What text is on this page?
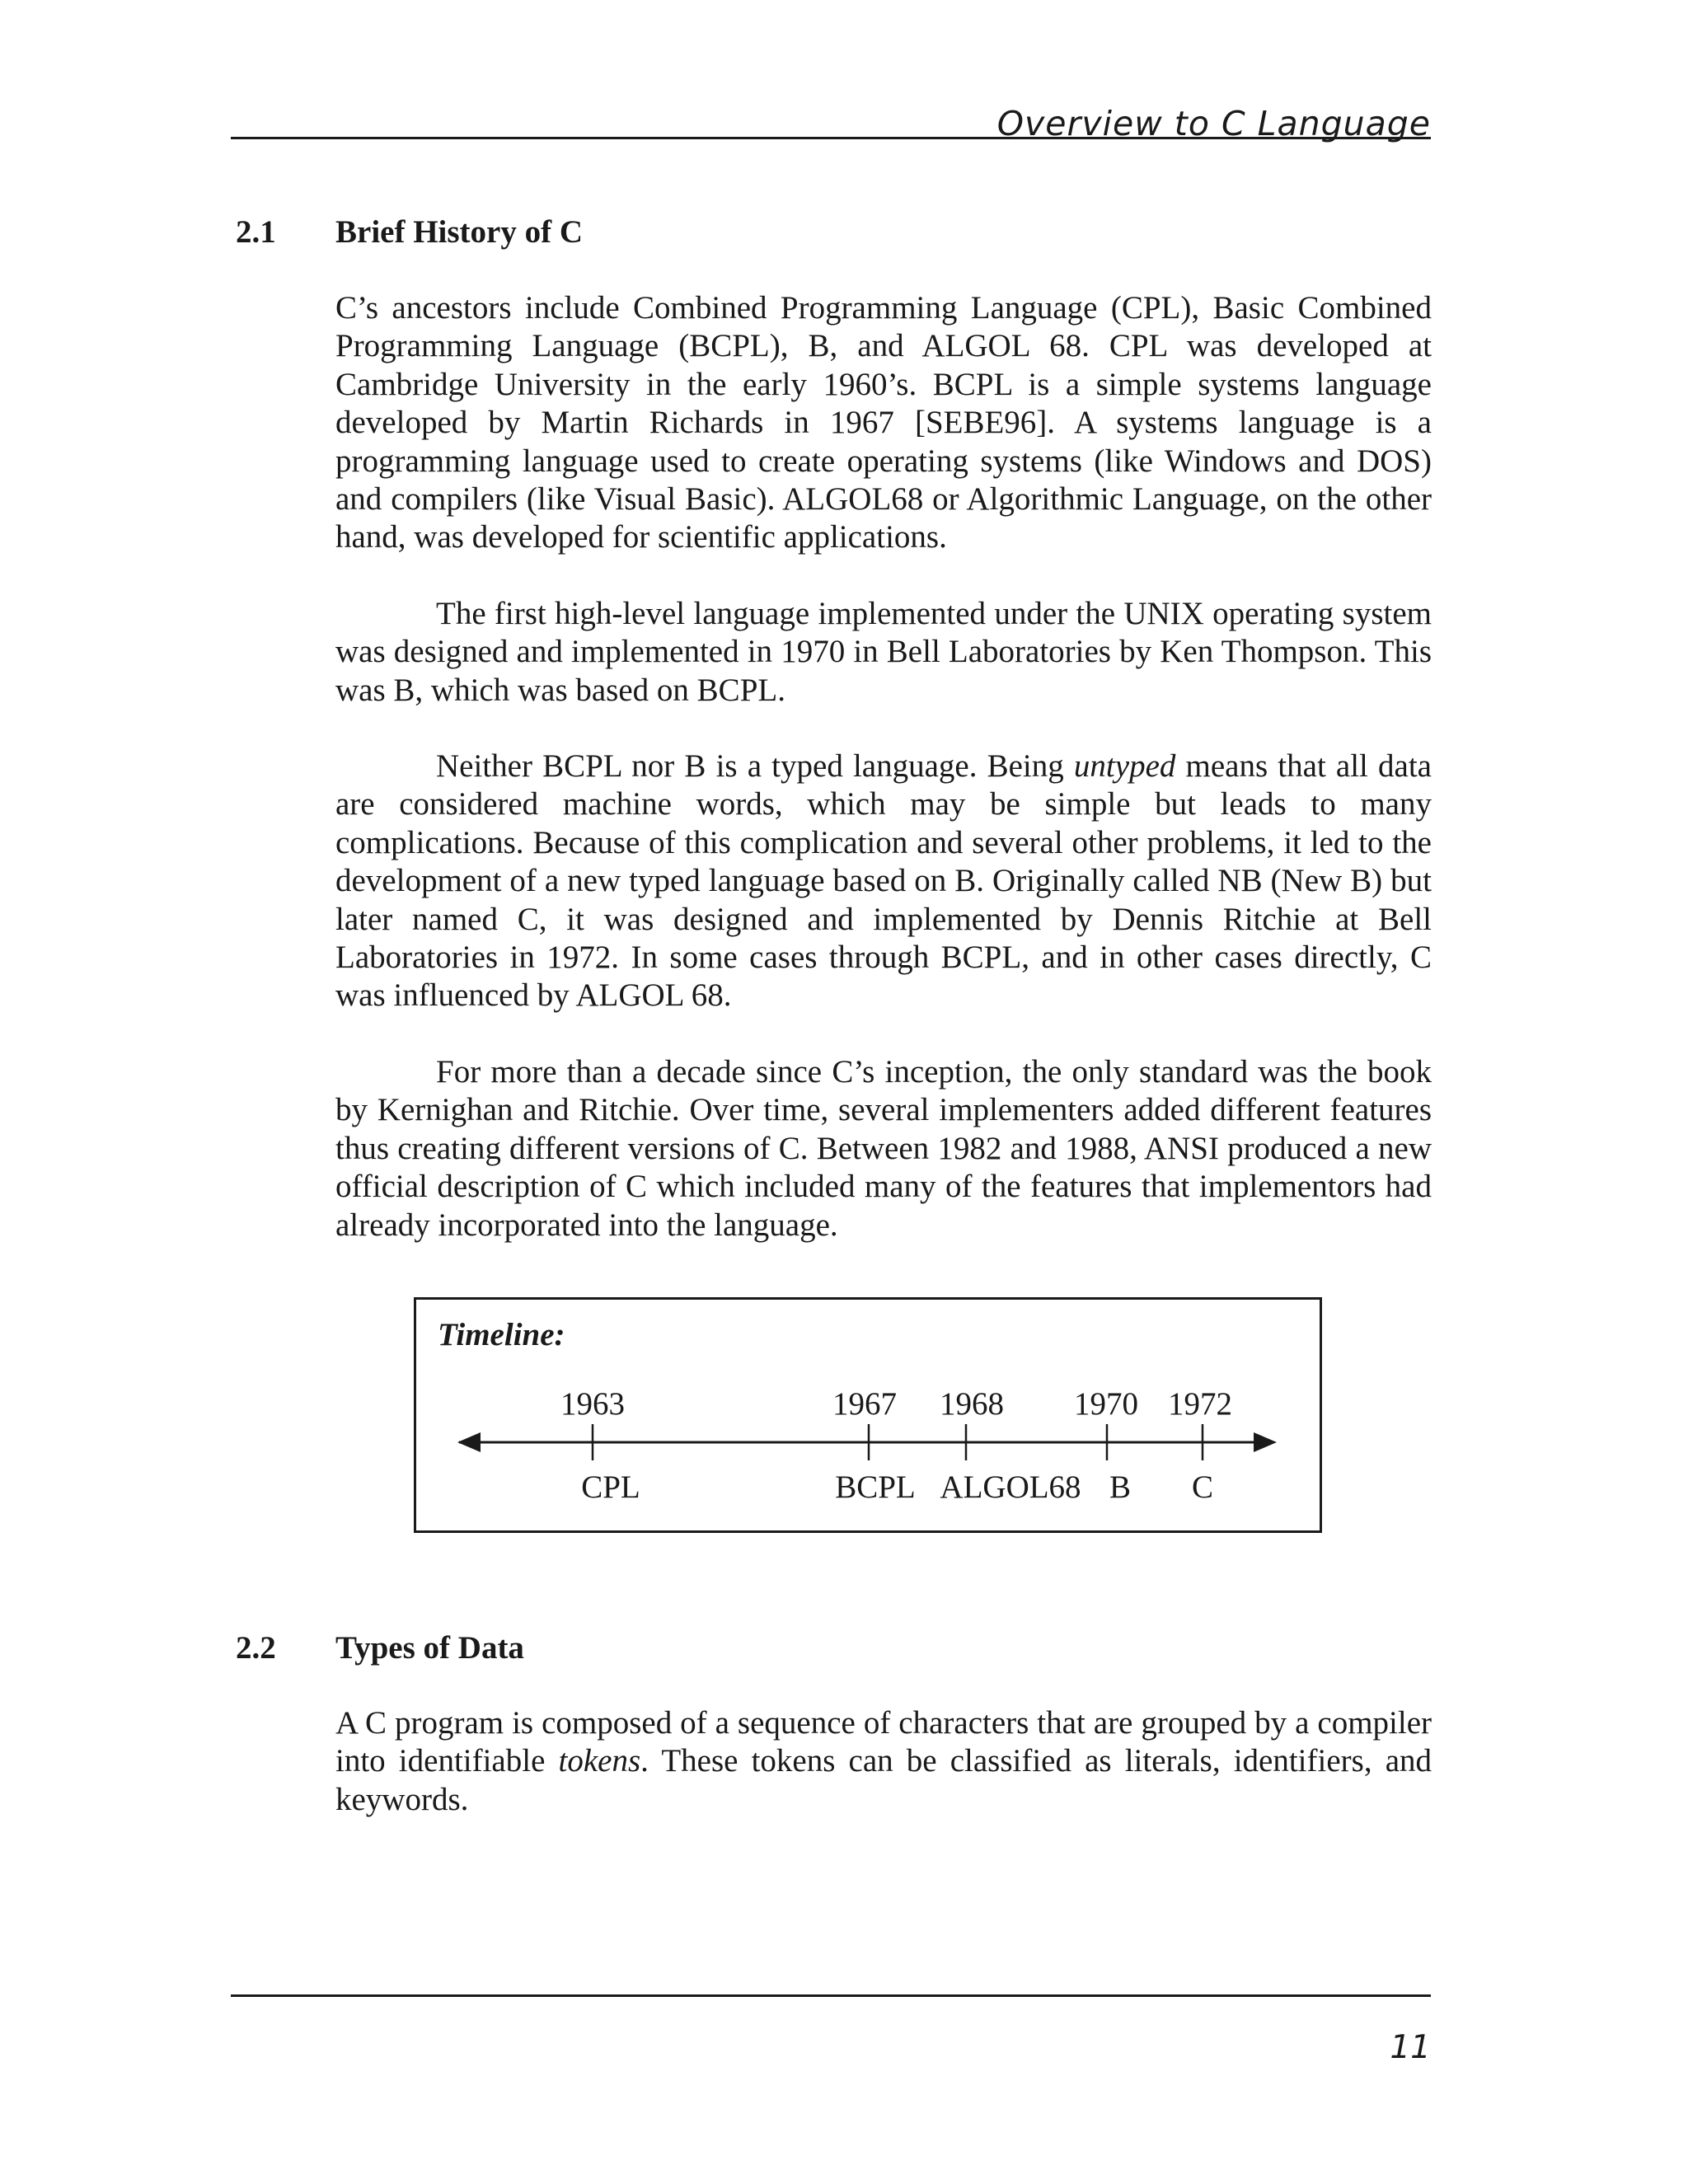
Overview to C Language
2.1 Brief History of C

C’s ancestors include Combined Programming Language (CPL), Basic Combined Programming Language (BCPL), B, and ALGOL 68. CPL was developed at Cambridge University in the early 1960’s. BCPL is a simple systems language developed by Martin Richards in 1967 [SEBE96]. A systems language is a programming language used to create operating systems (like Windows and DOS) and compilers (like Visual Basic). ALGOL68 or Algorithmic Language, on the other hand, was developed for scientific applications.

The first high-level language implemented under the UNIX operating system was designed and implemented in 1970 in Bell Laboratories by Ken Thompson. This was B, which was based on BCPL.

Neither BCPL nor B is a typed language. Being untyped means that all data are considered machine words, which may be simple but leads to many complications. Because of this complication and several other problems, it led to the development of a new typed language based on B. Originally called NB (New B) but later named C, it was designed and implemented by Dennis Ritchie at Bell Laboratories in 1972. In some cases through BCPL, and in other cases directly, C was influenced by ALGOL 68.

For more than a decade since C’s inception, the only standard was the book by Kernighan and Ritchie. Over time, several implementers added different features thus creating different versions of C. Between 1982 and 1988, ANSI produced a new official description of C which included many of the features that implementors had already incorporated into the language.

Timeline:
1963
CPL
1967
BCPL
1968
ALGOL68
1970
B
1972
C
2.2 Types of Data

A C program is composed of a sequence of characters that are grouped by a compiler into identifiable tokens. These tokens can be classified as literals, identifiers, and keywords.

11
